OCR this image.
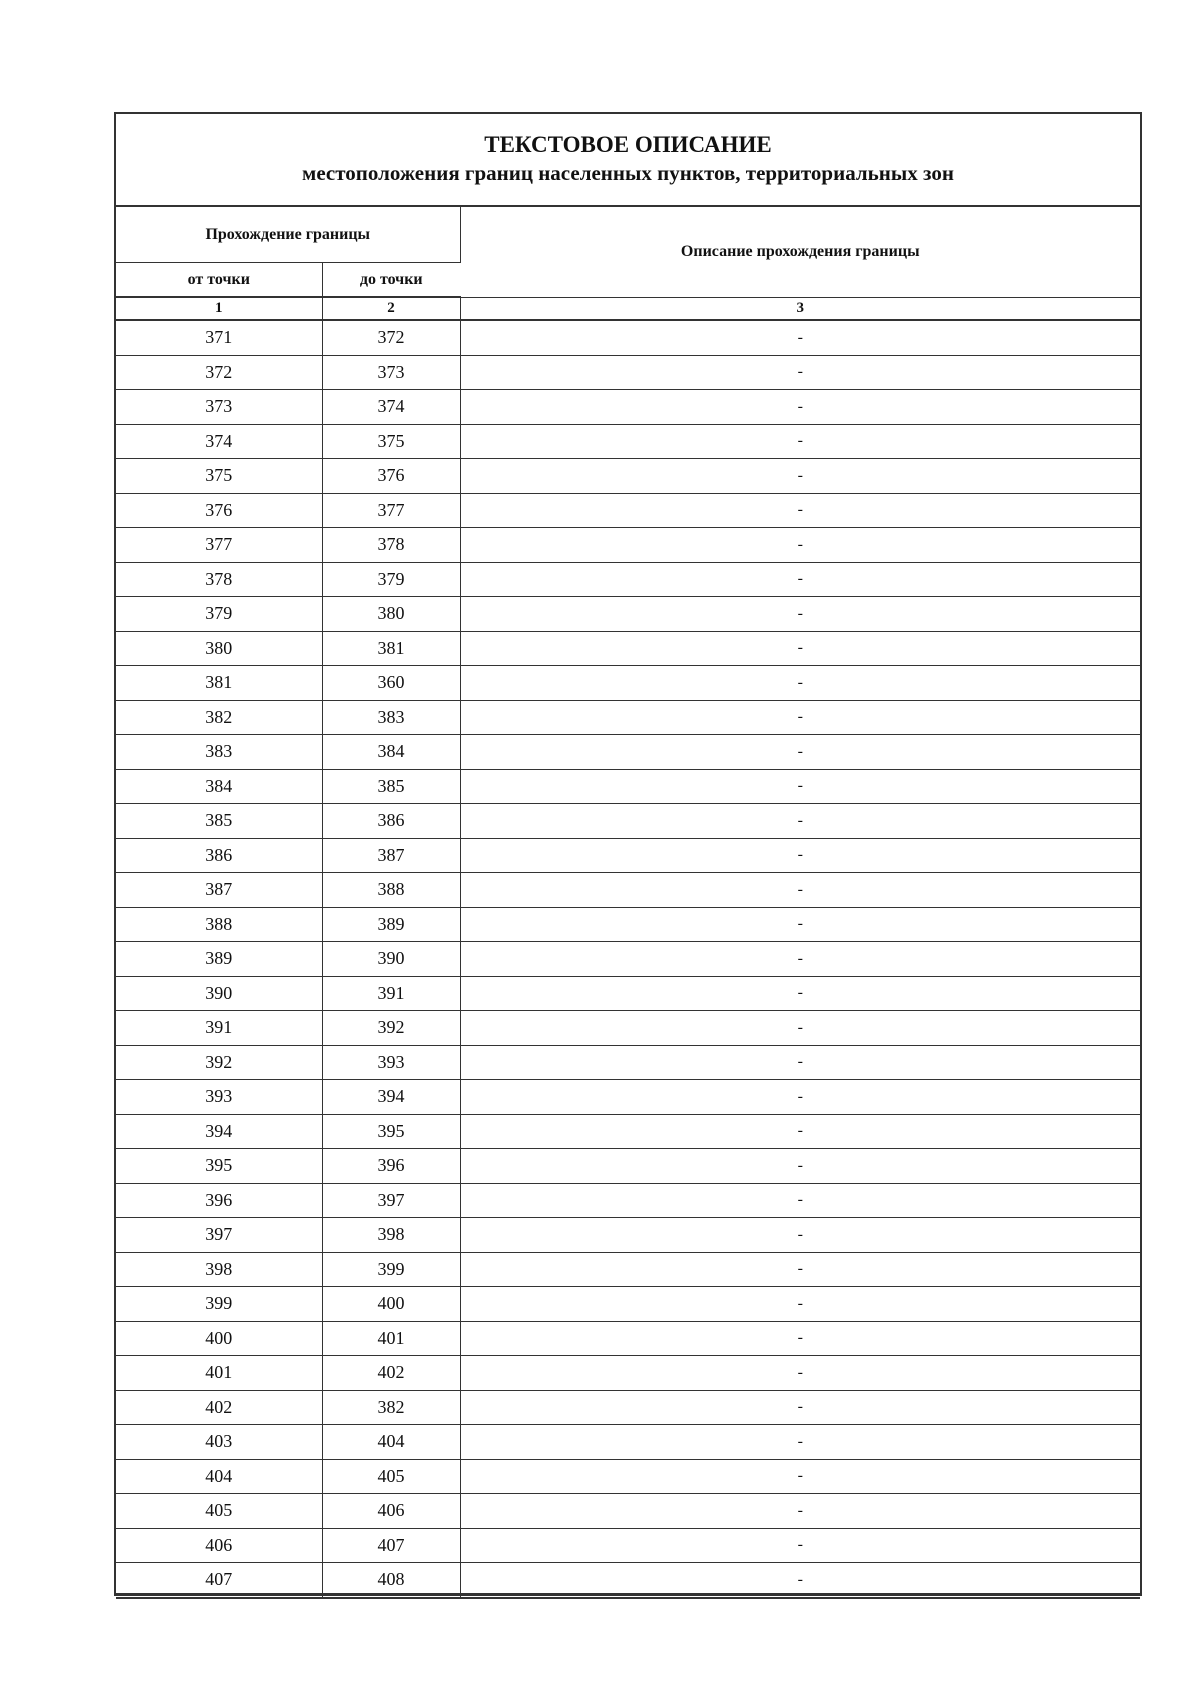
ТЕКСТОВОЕ ОПИСАНИЕ
местоположения границ населенных пунктов, территориальных зон
Прохождение границы		Описание прохождения границы
от точки	до точки	
1	2	3
371	372	-
372	373	-
373	374	-
374	375	-
375	376	-
376	377	-
377	378	-
378	379	-
379	380	-
380	381	-
381	360	-
382	383	-
383	384	-
384	385	-
385	386	-
386	387	-
387	388	-
388	389	-
389	390	-
390	391	-
391	392	-
392	393	-
393	394	-
394	395	-
395	396	-
396	397	-
397	398	-
398	399	-
399	400	-
400	401	-
401	402	-
402	382	-
403	404	-
404	405	-
405	406	-
406	407	-
407	408	-
